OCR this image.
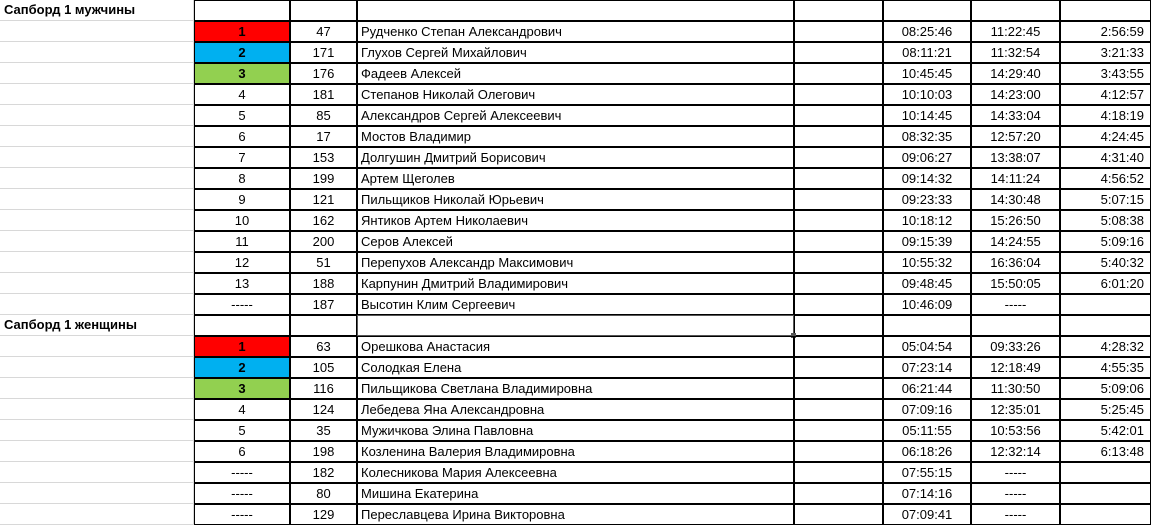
Сапборд 1 мужчины
1	47	Рудченко Степан Александрович	08:25:46	11:22:45	2:56:59
2	171	Глухов Сергей Михайлович	08:11:21	11:32:54	3:21:33
3	176	Фадеев Алексей	10:45:45	14:29:40	3:43:55
4	181	Степанов Николай Олегович	10:10:03	14:23:00	4:12:57
5	85	Александров Сергей Алексеевич	10:14:45	14:33:04	4:18:19
6	17	Мостов Владимир	08:32:35	12:57:20	4:24:45
7	153	Долгушин Дмитрий Борисович	09:06:27	13:38:07	4:31:40
8	199	Артем Щеголев	09:14:32	14:11:24	4:56:52
9	121	Пильщиков Николай Юрьевич	09:23:33	14:30:48	5:07:15
10	162	Янтиков Артем Николаевич	10:18:12	15:26:50	5:08:38
11	200	Серов Алексей	09:15:39	14:24:55	5:09:16
12	51	Перепухов Александр Максимович	10:55:32	16:36:04	5:40:32
13	188	Карпунин Дмитрий Владимирович	09:48:45	15:50:05	6:01:20
-----	187	Высотин Клим Сергеевич	10:46:09	-----
Сапборд 1 женщины
1	63	Орешкова Анастасия	05:04:54	09:33:26	4:28:32
2	105	Солодкая Елена	07:23:14	12:18:49	4:55:35
3	116	Пильщикова Светлана Владимировна	06:21:44	11:30:50	5:09:06
4	124	Лебедева Яна Александровна	07:09:16	12:35:01	5:25:45
5	35	Мужичкова Элина Павловна	05:11:55	10:53:56	5:42:01
6	198	Козленина Валерия Владимировна	06:18:26	12:32:14	6:13:48
-----	182	Колесникова Мария Алексеевна	07:55:15	-----
-----	80	Мишина Екатерина	07:14:16	-----
-----	129	Переславцева Ирина Викторовна	07:09:41	-----
